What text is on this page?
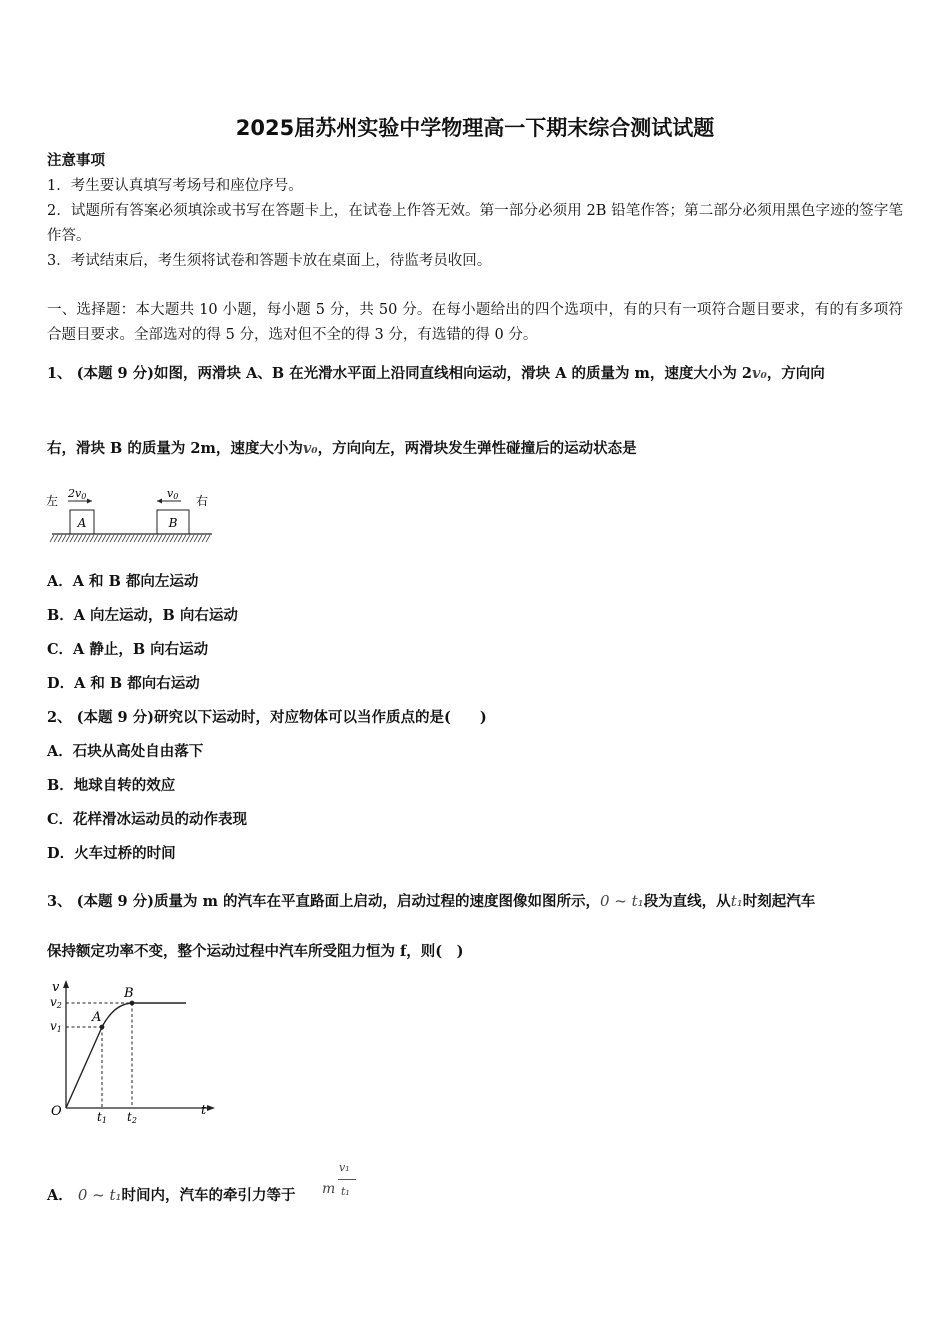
2025届苏州实验中学物理高一下期末综合测试试题
注意事项
1．考生要认真填写考场号和座位序号。
2．试题所有答案必须填涂或书写在答题卡上，在试卷上作答无效。第一部分必须用 2B 铅笔作答；第二部分必须用黑色字迹的签字笔作答。
3．考试结束后，考生须将试卷和答题卡放在桌面上，待监考员收回。
一、选择题：本大题共 10 小题，每小题 5 分，共 50 分。在每小题给出的四个选项中，有的只有一项符合题目要求，有的有多项符合题目要求。全部选对的得 5 分，选对但不全的得 3 分，有选错的得 0 分。
1、 (本题 9 分)如图，两滑块 A、B 在光滑水平面上沿同直线相向运动，滑块 A 的质量为 m，速度大小为 2v₀，方向向
右，滑块 B 的质量为 2m，速度大小为v₀，方向向左，两滑块发生弹性碰撞后的运动状态是
左	右
2v0	v0
A	B
A．A 和 B 都向左运动
B．A 向左运动，B 向右运动
C．A 静止，B 向右运动
D．A 和 B 都向右运动
2、 (本题 9 分)研究以下运动时，对应物体可以当作质点的是(　　)
A．石块从高处自由落下
B．地球自转的效应
C．花样滑冰运动员的动作表现
D．火车过桥的时间
3、 (本题 9 分)质量为 m 的汽车在平直路面上启动，启动过程的速度图像如图所示，0 ~ t₁段为直线，从t₁时刻起汽车
保持额定功率不变，整个运动过程中汽车所受阻力恒为 f，则(　)
v
t
O
v2
v1
A
B
t1 t2
A． 0 ~ t₁时间内，汽车的牵引力等于 m
v₁
t₁
